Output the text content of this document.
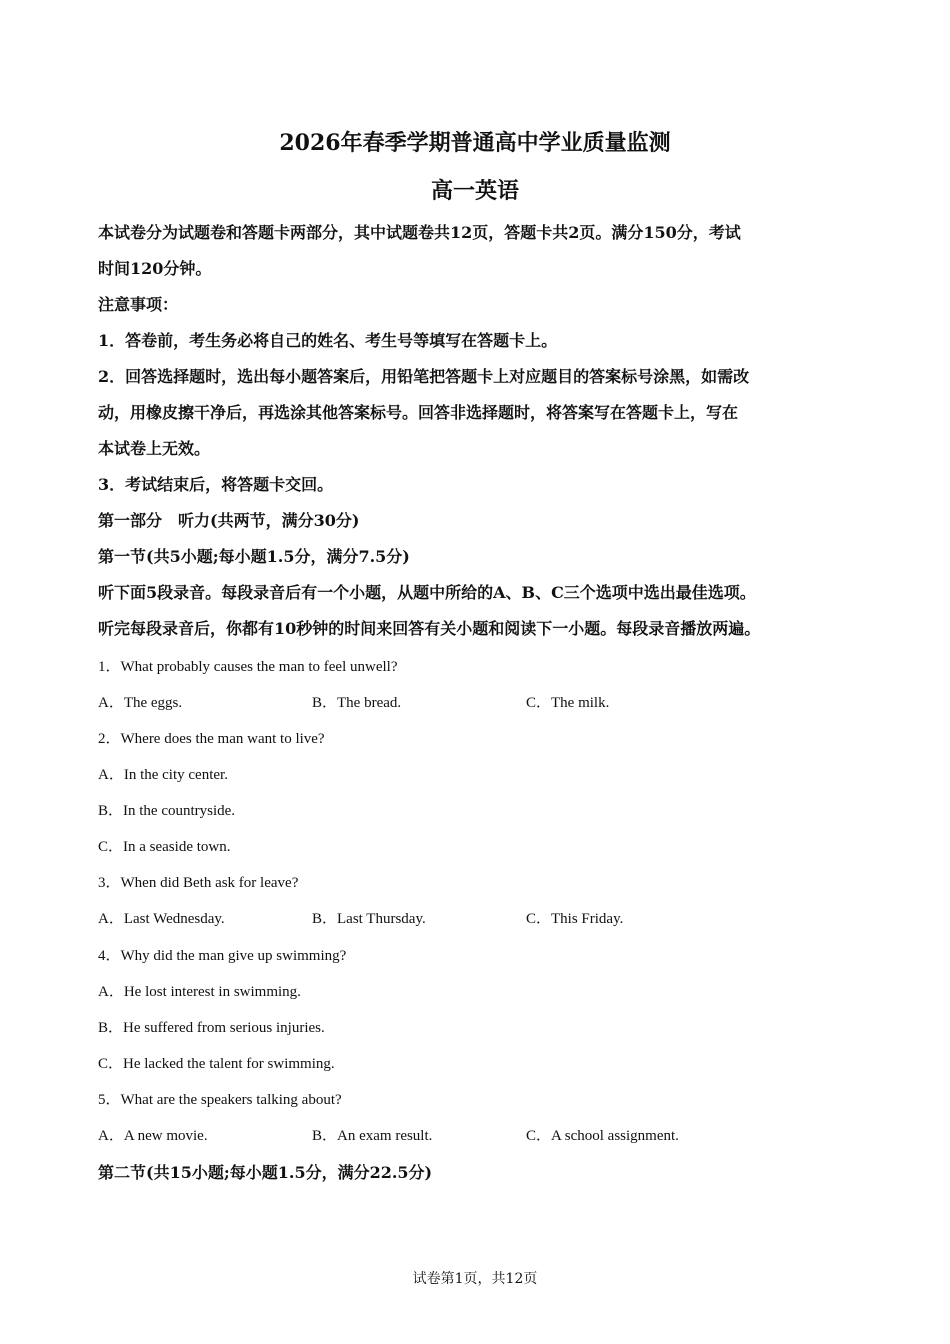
2026年春季学期普通高中学业质量监测
高一英语
本试卷分为试题卷和答题卡两部分，其中试题卷共12页，答题卡共2页。满分150分，考试
时间120分钟。
注意事项：
1．答卷前，考生务必将自己的姓名、考生号等填写在答题卡上。
2．回答选择题时，选出每小题答案后，用铅笔把答题卡上对应题目的答案标号涂黑，如需改
动，用橡皮擦干净后，再选涂其他答案标号。回答非选择题时，将答案写在答题卡上，写在
本试卷上无效。
3．考试结束后，将答题卡交回。
第一部分　听力(共两节，满分30分)
第一节(共5小题;每小题1.5分，满分7.5分)
听下面5段录音。每段录音后有一个小题，从题中所给的A、B、C三个选项中选出最佳选项。
听完每段录音后，你都有10秒钟的时间来回答有关小题和阅读下一小题。每段录音播放两遍。
1．What probably causes the man to feel unwell?
A．The eggs.	B．The bread.	C．The milk.
2．Where does the man want to live?
A．In the city center.
B．In the countryside.
C．In a seaside town.
3．When did Beth ask for leave?
A．Last Wednesday.	B．Last Thursday.	C．This Friday.
4．Why did the man give up swimming?
A．He lost interest in swimming.
B．He suffered from serious injuries.
C．He lacked the talent for swimming.
5．What are the speakers talking about?
A．A new movie.	B．An exam result.	C．A school assignment.
第二节(共15小题;每小题1.5分，满分22.5分)
试卷第1页，共12页
